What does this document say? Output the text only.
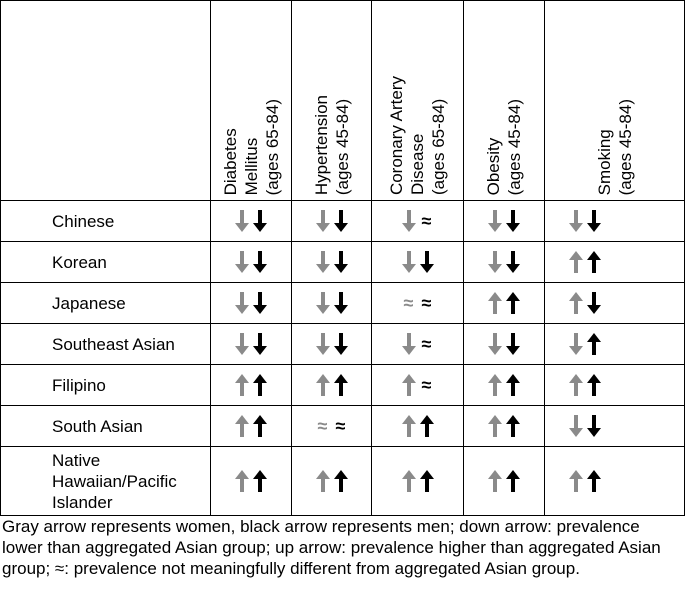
Diabetes
Mellitus
(ages 65-84) Hypertension
(ages 45-84)
Coronary Artery
Disease
(ages 65-84)
Obesity
(ages 45-84)
Smoking
(ages 45-84)
Chinese
Korean
Japanese
Southeast Asian
Filipino
South Asian
Native
Hawaiian/Pacific
Islander
≈
≈ ≈
≈
≈
≈ ≈
Gray arrow represents women, black arrow represents men; down arrow: prevalence lower than aggregated Asian group; up arrow: prevalence higher than aggregated Asian group; ≈: prevalence not meaningfully different from aggregated Asian group.
